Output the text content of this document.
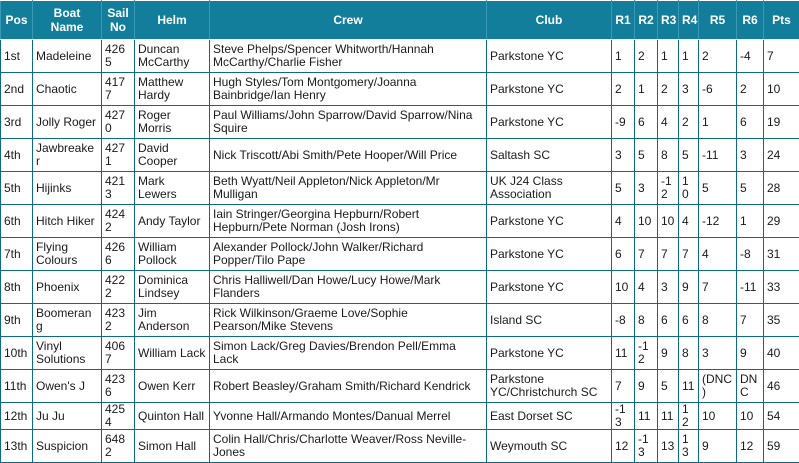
Pos	Boat Name	Sail No	Helm	Crew	Club	R1	R2	R3	R4	R5	R6	Pts
1st	Madeleine	4265	Duncan McCarthy	Steve Phelps/Spencer Whitworth/Hannah McCarthy/Charlie Fisher	Parkstone YC	1	2	1	1	2	-4	7
2nd	Chaotic	4177	Matthew Hardy	Hugh Styles/Tom Montgomery/Joanna Bainbridge/Ian Henry	Parkstone YC	2	1	2	3	-6	2	10
3rd	Jolly Roger	4270	Roger Morris	Paul Williams/John Sparrow/David Sparrow/Nina Squire	Parkstone YC	-9	6	4	2	1	6	19
4th	Jawbreaker	4271	David Cooper	Nick Triscott/Abi Smith/Pete Hooper/Will Price	Saltash SC	3	5	8	5	-11	3	24
5th	Hijinks	4213	Mark Lewers	Beth Wyatt/Neil Appleton/Nick Appleton/Mr Mulligan	UK J24 Class Association	5	3	-12	10	5	5	28
6th	Hitch Hiker	4242	Andy Taylor	Iain Stringer/Georgina Hepburn/Robert Hepburn/Pete Norman (Josh Irons)	Parkstone YC	4	10	10	4	-12	1	29
7th	Flying Colours	4266	William Pollock	Alexander Pollock/John Walker/Richard Popper/Tilo Pape	Parkstone YC	6	7	7	7	4	-8	31
8th	Phoenix	4222	Dominica Lindsey	Chris Halliwell/Dan Howe/Lucy Howe/Mark Flanders	Parkstone YC	10	4	3	9	7	-11	33
9th	Boomerang	4232	Jim Anderson	Rick Wilkinson/Graeme Love/Sophie Pearson/Mike Stevens	Island SC	-8	8	6	6	8	7	35
10th	Vinyl Solutions	4067	William Lack	Simon Lack/Greg Davies/Brendon Pell/Emma Lack	Parkstone YC	11	-12	9	8	3	9	40
11th	Owen's J	4236	Owen Kerr	Robert Beasley/Graham Smith/Richard Kendrick	Parkstone YC/Christchurch SC	7	9	5	11	(DNC)	DNC	46
12th	Ju Ju	4254	Quinton Hall	Yvonne Hall/Armando Montes/Danual Merrel	East Dorset SC	-13	11	11	12	10	10	54
13th	Suspicion	6482	Simon Hall	Colin Hall/Chris/Charlotte Weaver/Ross Neville-Jones	Weymouth SC	12	-13	13	13	9	12	59
